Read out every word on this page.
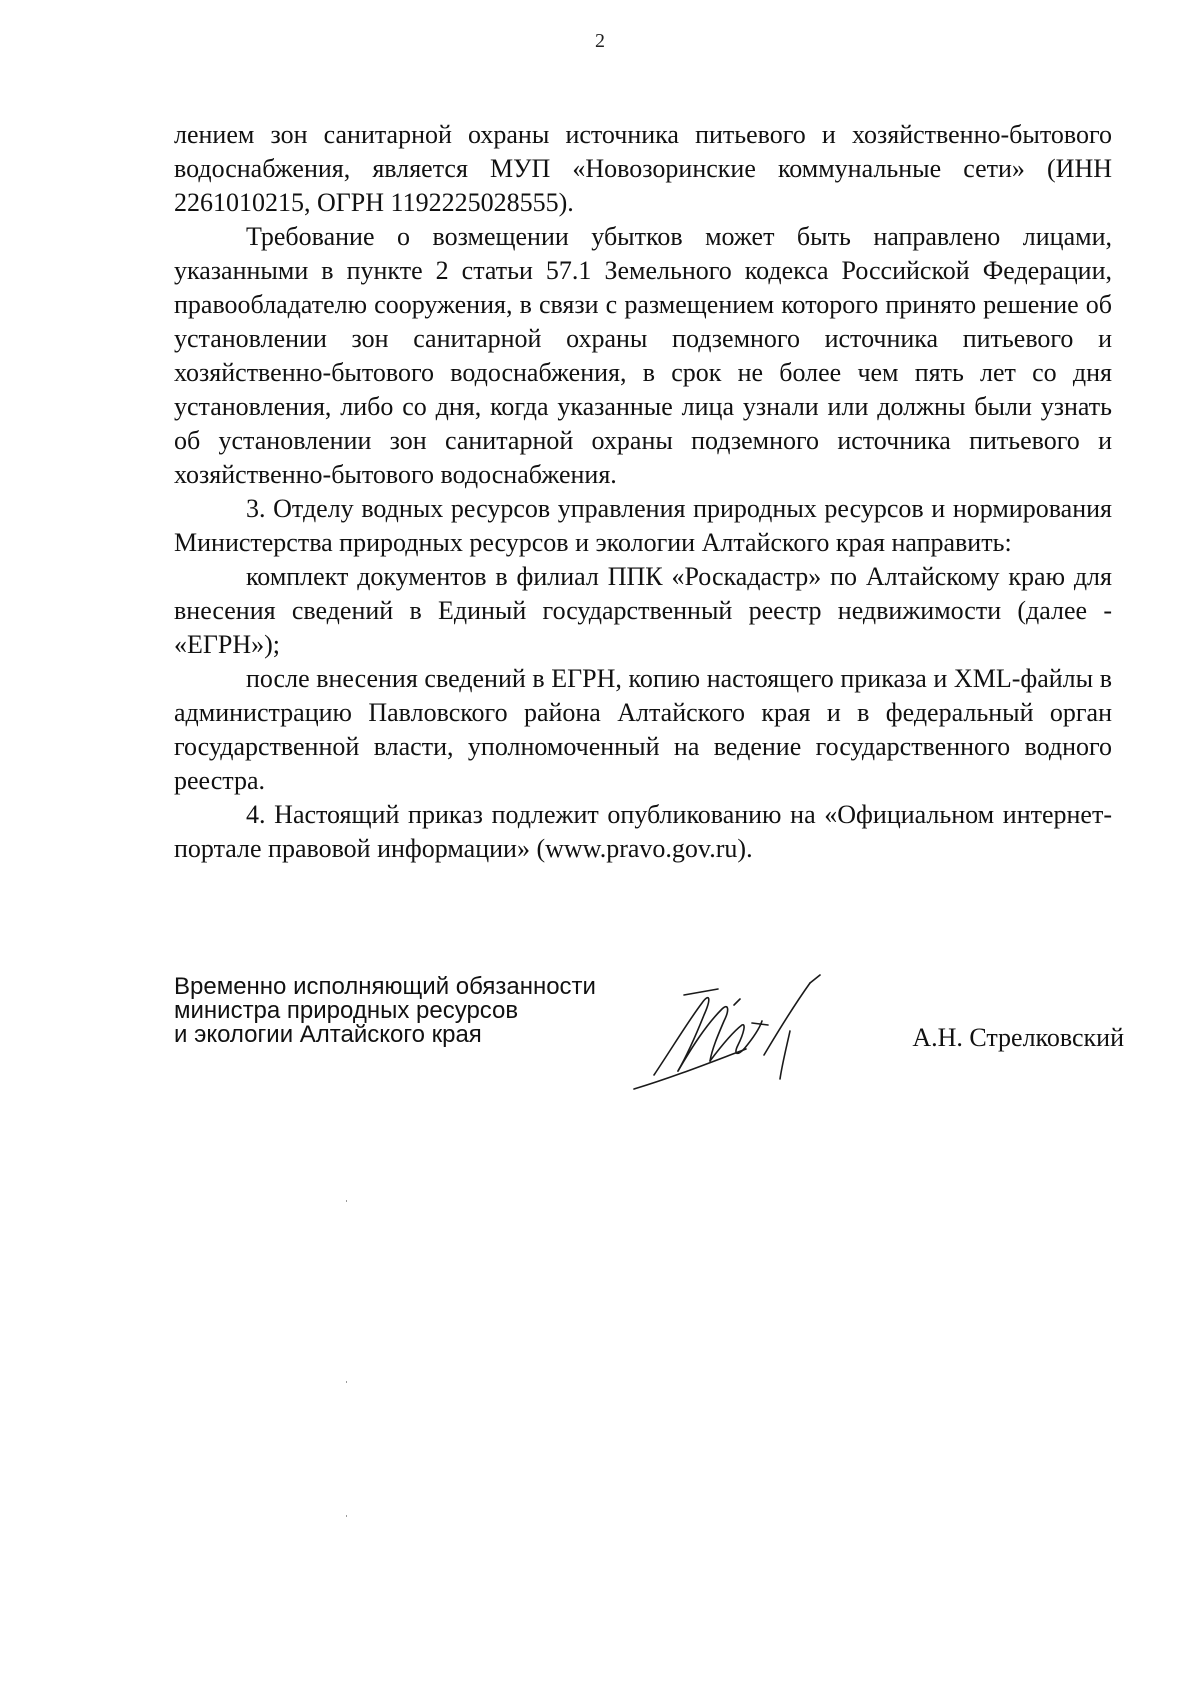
2

лением зон санитарной охраны источника питьевого и хозяйственно-бытового водоснабжения, является МУП «Новозоринские коммунальные сети» (ИНН 2261010215, ОГРН 1192225028555).

Требование о возмещении убытков может быть направлено лицами, указанными в пункте 2 статьи 57.1 Земельного кодекса Российской Федерации, правообладателю сооружения, в связи с размещением которого принято решение об установлении зон санитарной охраны подземного источника питьевого и хозяйственно-бытового водоснабжения, в срок не более чем пять лет со дня установления, либо со дня, когда указанные лица узнали или должны были узнать об установлении зон санитарной охраны подземного источника питьевого и хозяйственно-бытового водоснабжения.

3. Отделу водных ресурсов управления природных ресурсов и нормирования Министерства природных ресурсов и экологии Алтайского края направить:

комплект документов в филиал ППК «Роскадастр» по Алтайскому краю для внесения сведений в Единый государственный реестр недвижимости (далее - «ЕГРН»);

после внесения сведений в ЕГРН, копию настоящего приказа и XML-файлы в администрацию Павловского района Алтайского края и в федеральный орган государственной власти, уполномоченный на ведение государственного водного реестра.

4. Настоящий приказ подлежит опубликованию на «Официальном интернет-портале правовой информации» (www.pravo.gov.ru).

Временно исполняющий обязанности
министра природных ресурсов
и экологии Алтайского края	А.Н. Стрелковский
